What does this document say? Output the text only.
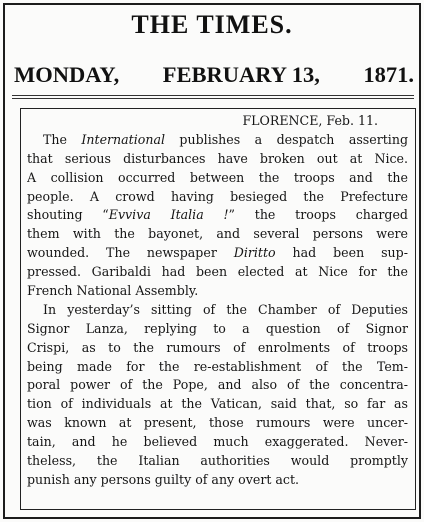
THE TIMES.
MONDAY, FEBRUARY 13, 1871.
FLORENCE, Feb. 11.
The International publishes a despatch asserting
that serious disturbances have broken out at Nice.
A collision occurred between the troops and the
people. A crowd having besieged the Prefecture
shouting “Evviva Italia !” the troops charged
them with the bayonet, and several persons were
wounded. The newspaper Diritto had been sup-
pressed. Garibaldi had been elected at Nice for the
French National Assembly.
In yesterday’s sitting of the Chamber of Deputies
Signor Lanza, replying to a question of Signor
Crispi, as to the rumours of enrolments of troops
being made for the re-establishment of the Tem-
poral power of the Pope, and also of the concentra-
tion of individuals at the Vatican, said that, so far as
was known at present, those rumours were uncer-
tain, and he believed much exaggerated. Never-
theless, the Italian authorities would promptly
punish any persons guilty of any overt act.
